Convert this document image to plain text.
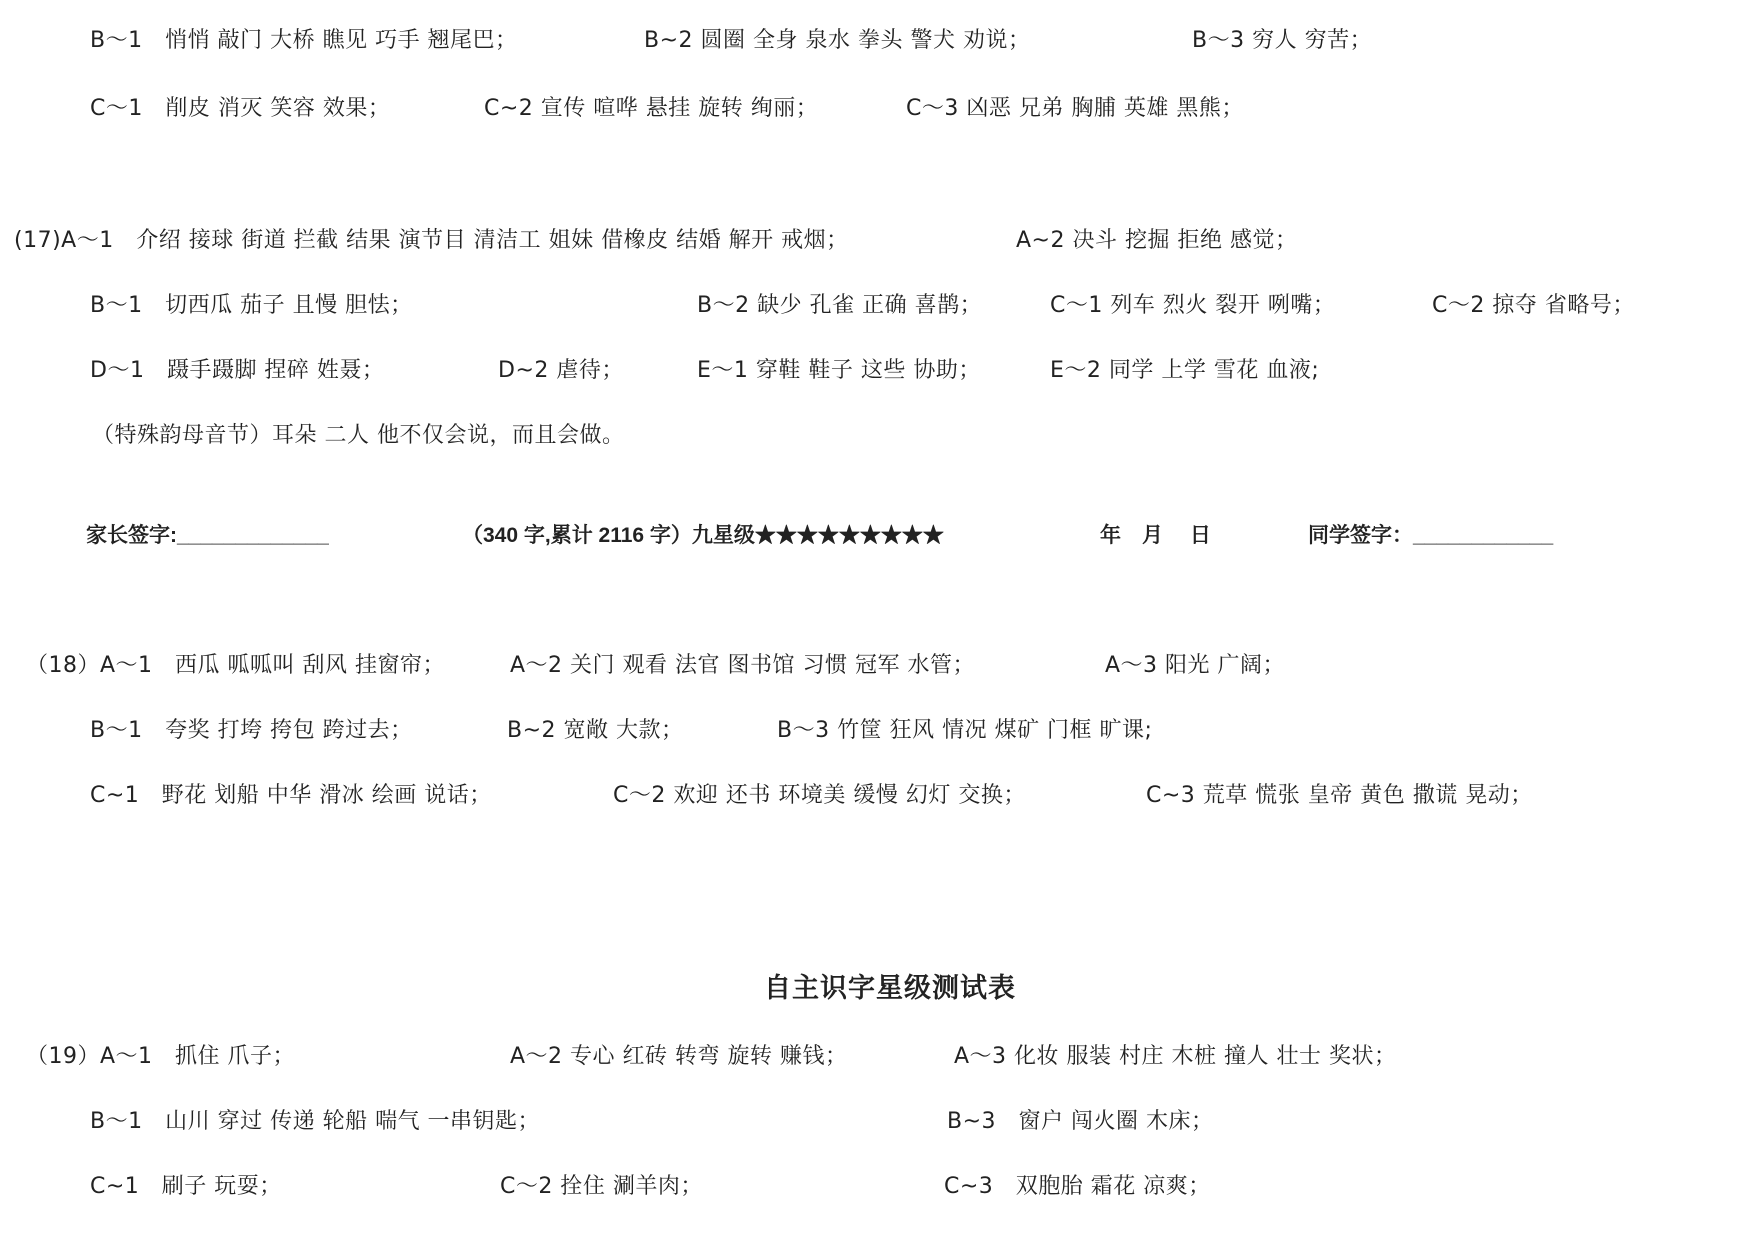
B～1　悄悄 敲门 大桥 瞧见 巧手 翘尾巴；	B~2 圆圈 全身 泉水 拳头 警犬 劝说；	B～3 穷人 穷苦；
C～1　削皮 消灭 笑容 效果；	C~2 宣传 喧哗 悬挂 旋转 绚丽；	C～3 凶恶 兄弟 胸脯 英雄 黑熊；
(17)A～1　介绍 接球 街道 拦截 结果 演节目 清洁工 姐妹 借橡皮 结婚 解开 戒烟；	A~2 决斗 挖掘 拒绝 感觉；
B～1　切西瓜 茄子 且慢 胆怯；	B～2 缺少 孔雀 正确 喜鹊；	C～1 列车 烈火 裂开 咧嘴；	C～2 掠夺 省略号；
D～1　蹑手蹑脚 捏碎 姓聂；	D~2 虐待；	E～1 穿鞋 鞋子 这些 协助；	E～2 同学 上学 雪花 血液;
（特殊韵母音节）耳朵 二人 他不仅会说，而且会做。
家长签字:_____________	（340 字,累计 2116 字）九星级★★★★★★★★★	年　月　 日	同学签字：____________
（18）A～1　西瓜 呱呱叫 刮风 挂窗帘；	A～2 关门 观看 法官 图书馆 习惯 冠军 水管；	A～3 阳光 广阔；
B～1　夸奖 打垮 挎包 跨过去；	B~2 宽敞 大款；	B～3 竹筐 狂风 情况 煤矿 门框 旷课;
C~1　野花 划船 中华 滑冰 绘画 说话；	C～2 欢迎 还书 环境美 缓慢 幻灯 交换；	C~3 荒草 慌张 皇帝 黄色 撒谎 晃动；
自主识字星级测试表
（19）A～1　抓住 爪子；	A～2 专心 红砖 转弯 旋转 赚钱；	A～3 化妆 服装 村庄 木桩 撞人 壮士 奖状；
B～1　山川 穿过 传递 轮船 喘气 一串钥匙；	B~3　窗户 闯火圈 木床；
C~1　刷子 玩耍；	C～2 拴住 涮羊肉；	C~3　双胞胎 霜花 凉爽；
